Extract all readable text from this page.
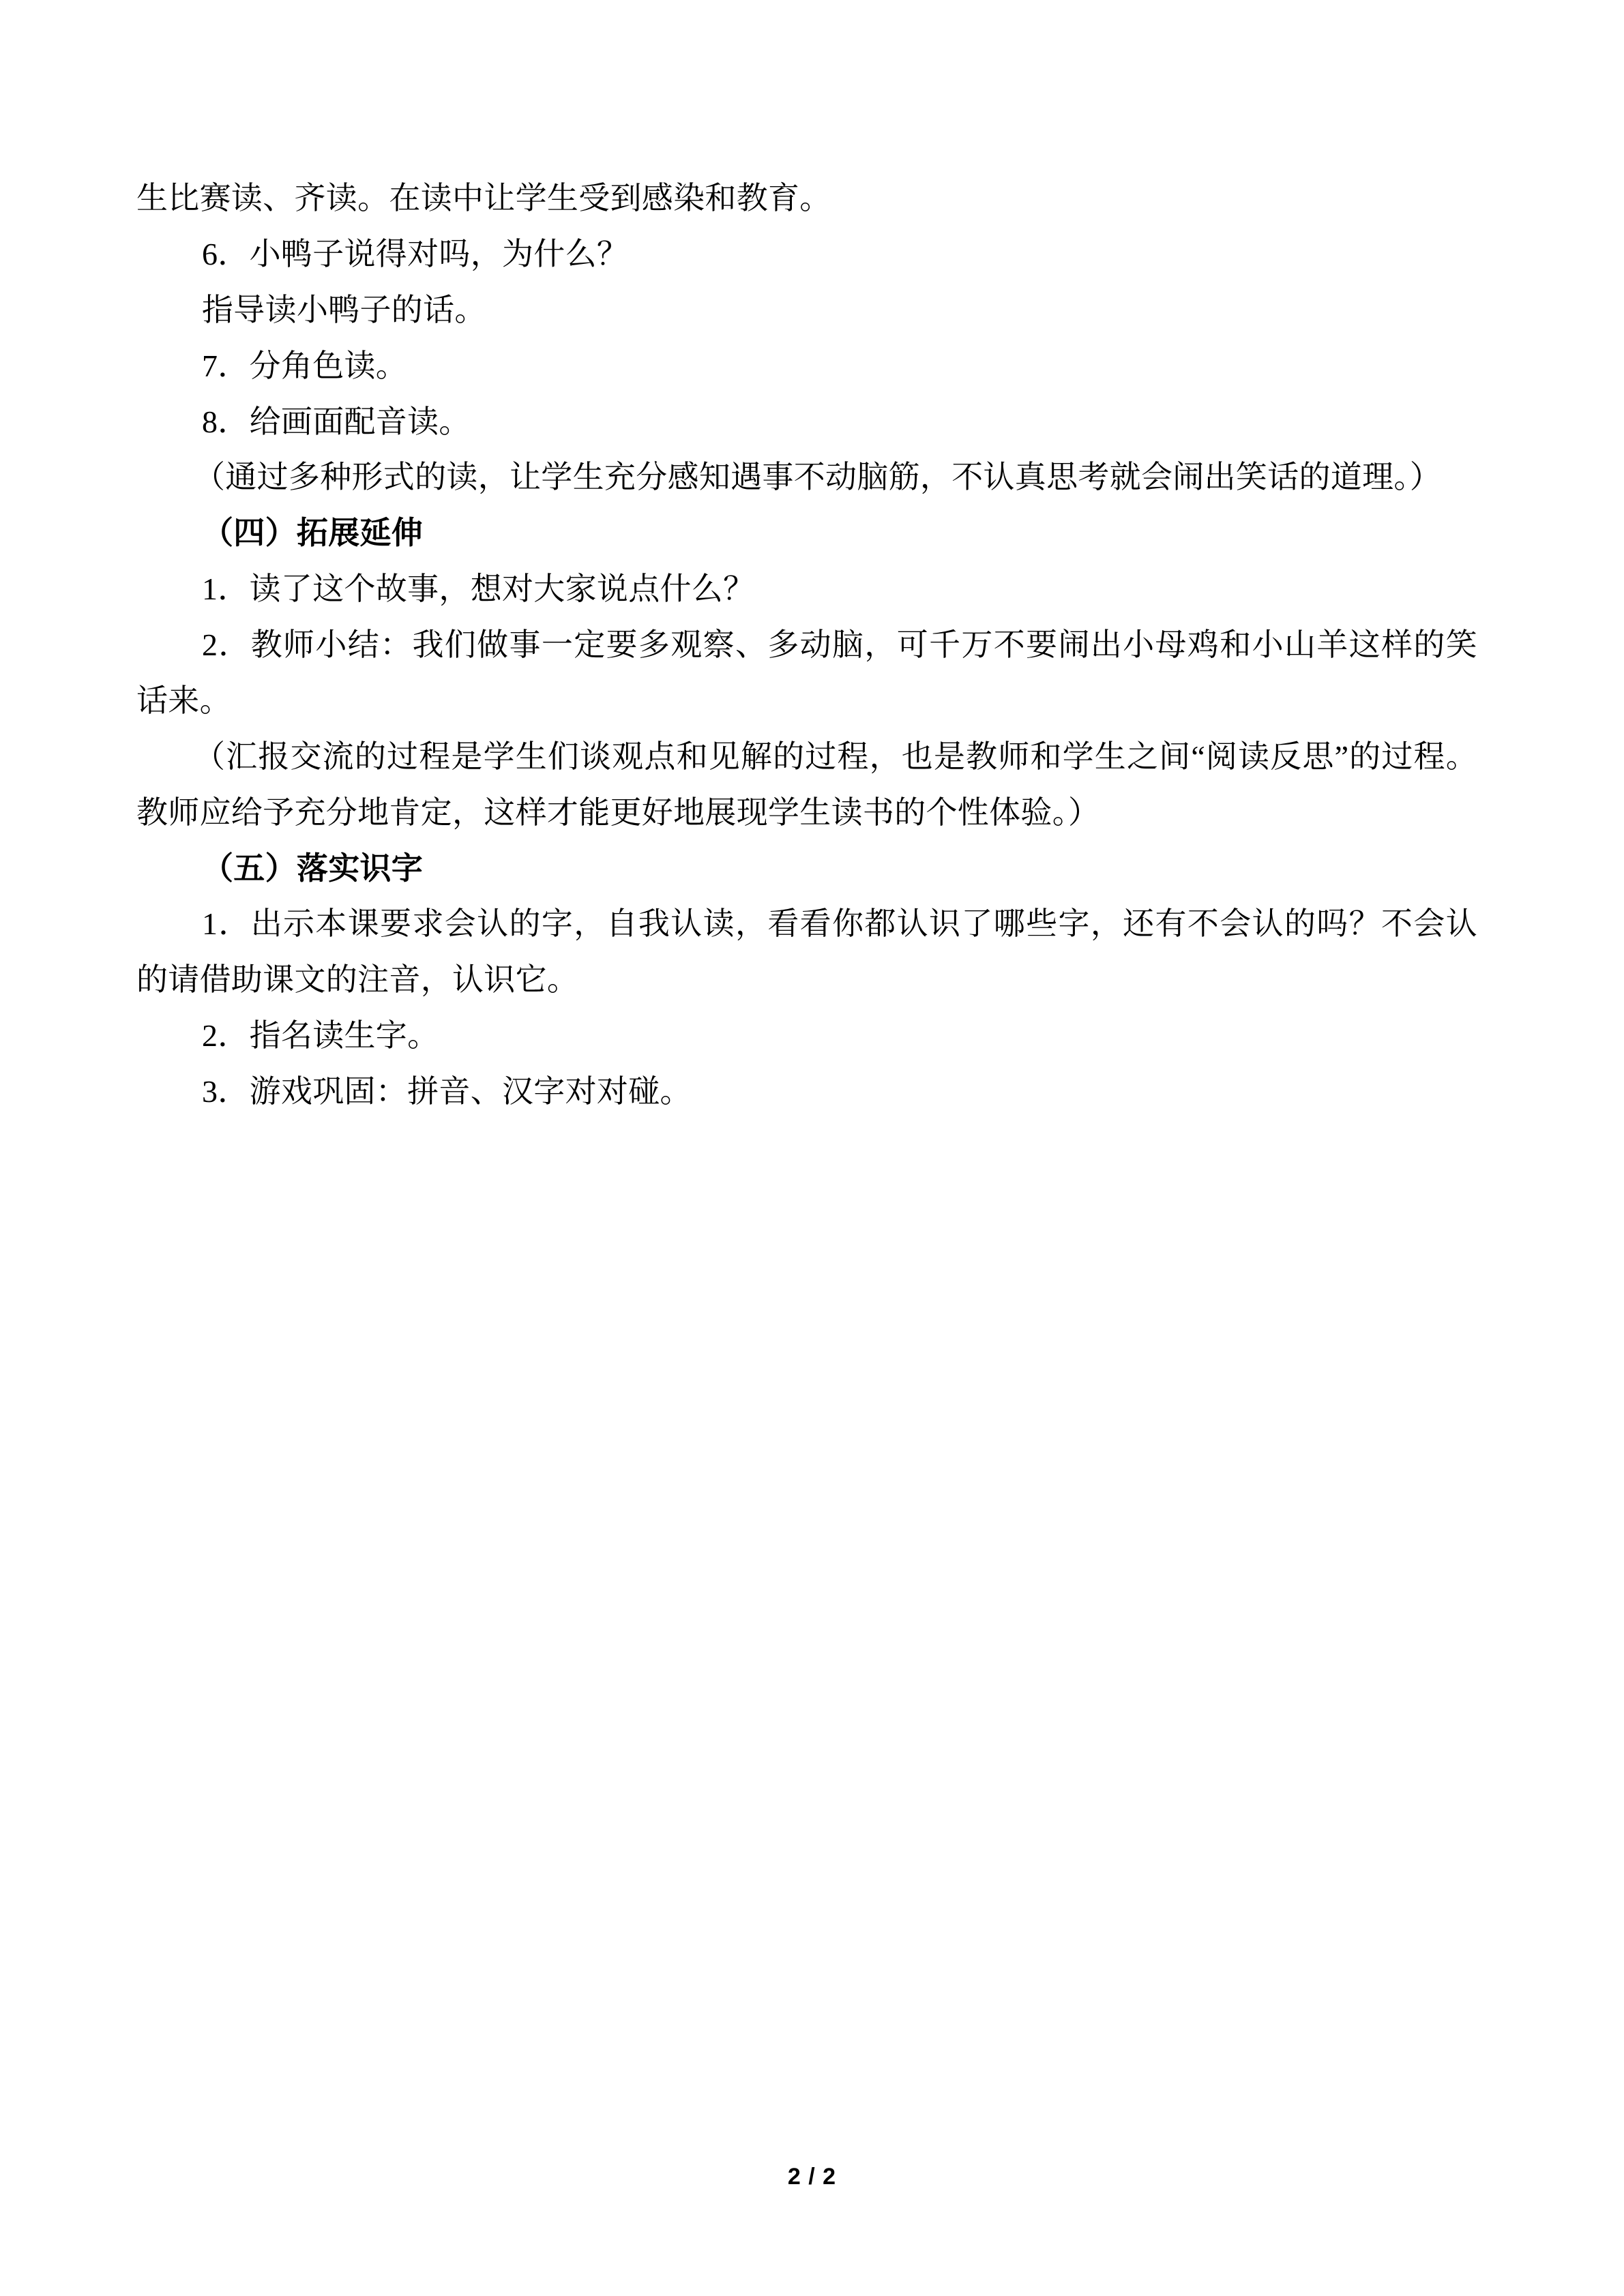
生比赛读、齐读。在读中让学生受到感染和教育。

6．小鸭子说得对吗，为什么？

指导读小鸭子的话。

7．分角色读。

8．给画面配音读。

（通过多种形式的读，让学生充分感知遇事不动脑筋，不认真思考就会闹出笑话的道理。）

（四）拓展延伸

1．读了这个故事，想对大家说点什么？

2．教师小结：我们做事一定要多观察、多动脑，可千万不要闹出小母鸡和小山羊这样的笑话来。

（汇报交流的过程是学生们谈观点和见解的过程，也是教师和学生之间“阅读反思”的过程。教师应给予充分地肯定，这样才能更好地展现学生读书的个性体验。）

（五）落实识字

1．出示本课要求会认的字，自我认读，看看你都认识了哪些字，还有不会认的吗？不会认的请借助课文的注音，认识它。

2．指名读生字。

3．游戏巩固：拼音、汉字对对碰。

2 / 2
